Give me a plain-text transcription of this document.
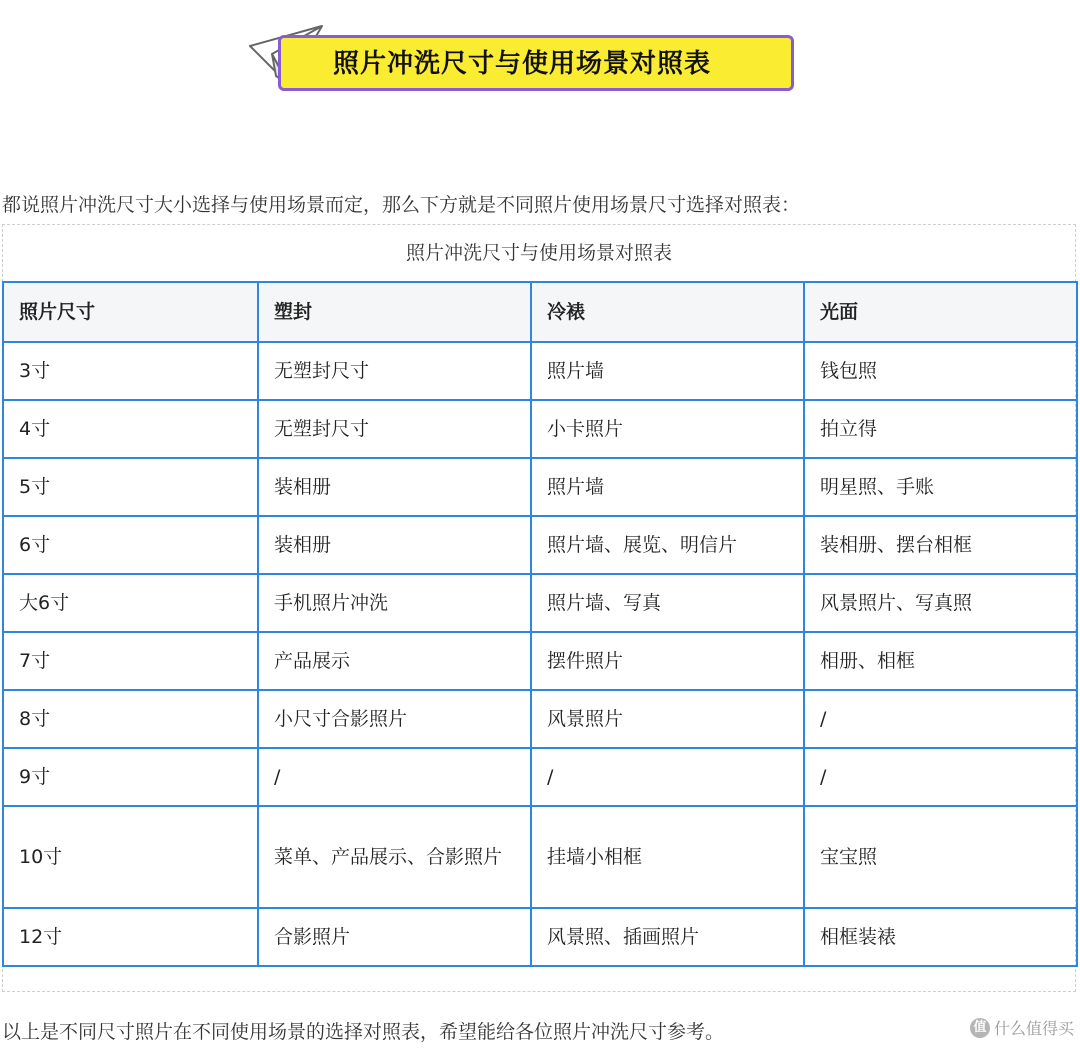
照片冲洗尺寸与使用场景对照表
都说照片冲洗尺寸大小选择与使用场景而定，那么下方就是不同照片使用场景尺寸选择对照表：
照片冲洗尺寸与使用场景对照表
照片尺寸	塑封	冷裱	光面
3寸	无塑封尺寸	照片墙	钱包照
4寸	无塑封尺寸	小卡照片	拍立得
5寸	装相册	照片墙	明星照、手账
6寸	装相册	照片墙、展览、明信片	装相册、摆台相框
大6寸	手机照片冲洗	照片墙、写真	风景照片、写真照
7寸	产品展示	摆件照片	相册、相框
8寸	小尺寸合影照片	风景照片	/
9寸	/	/	/
10寸	菜单、产品展示、合影照片	挂墙小相框	宝宝照
12寸	合影照片	风景照、插画照片	相框装裱
以上是不同尺寸照片在不同使用场景的选择对照表，希望能给各位照片冲洗尺寸参考。	值 什么值得买
